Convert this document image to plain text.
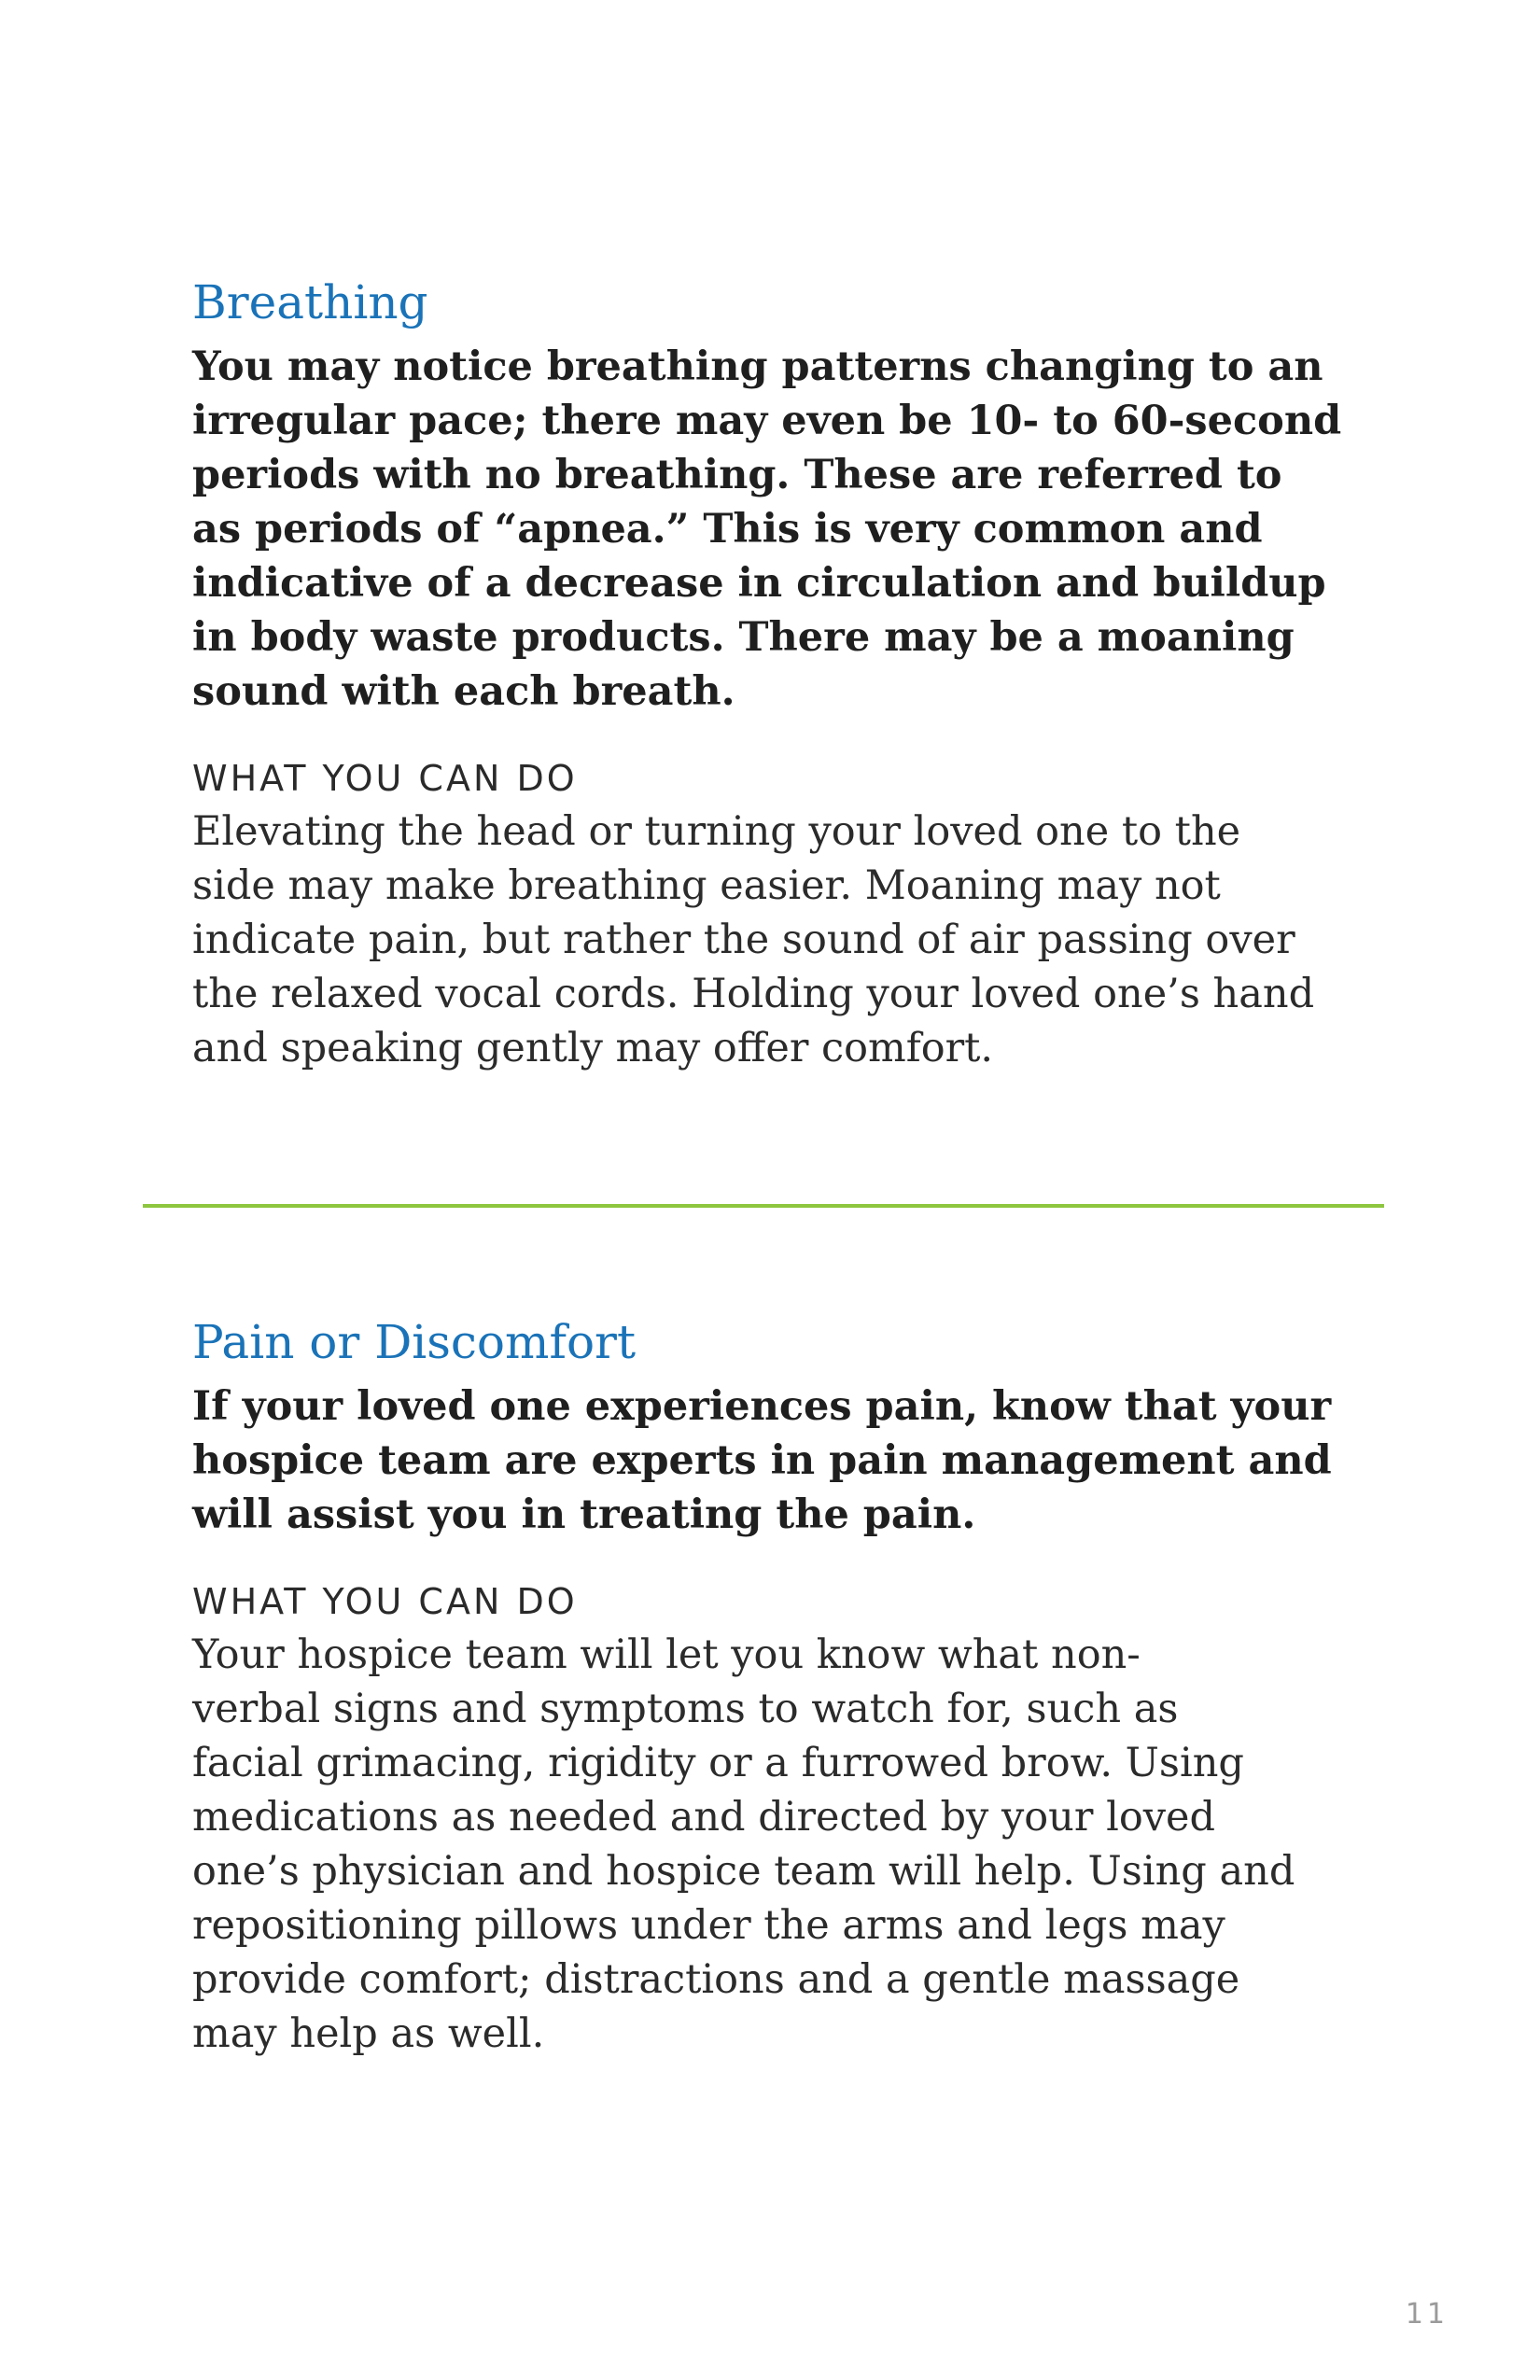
Breathing

You may notice breathing patterns changing to an
irregular pace; there may even be 10- to 60-second
periods with no breathing. These are referred to
as periods of “apnea.” This is very common and
indicative of a decrease in circulation and buildup
in body waste products. There may be a moaning
sound with each breath.

WHAT YOU CAN DO

Elevating the head or turning your loved one to the
side may make breathing easier. Moaning may not
indicate pain, but rather the sound of air passing over
the relaxed vocal cords. Holding your loved one’s hand
and speaking gently may offer comfort.

Pain or Discomfort

If your loved one experiences pain, know that your
hospice team are experts in pain management and
will assist you in treating the pain.

WHAT YOU CAN DO

Your hospice team will let you know what non-
verbal signs and symptoms to watch for, such as
facial grimacing, rigidity or a furrowed brow. Using
medications as needed and directed by your loved
one’s physician and hospice team will help. Using and
repositioning pillows under the arms and legs may
provide comfort; distractions and a gentle massage
may help as well.

11
